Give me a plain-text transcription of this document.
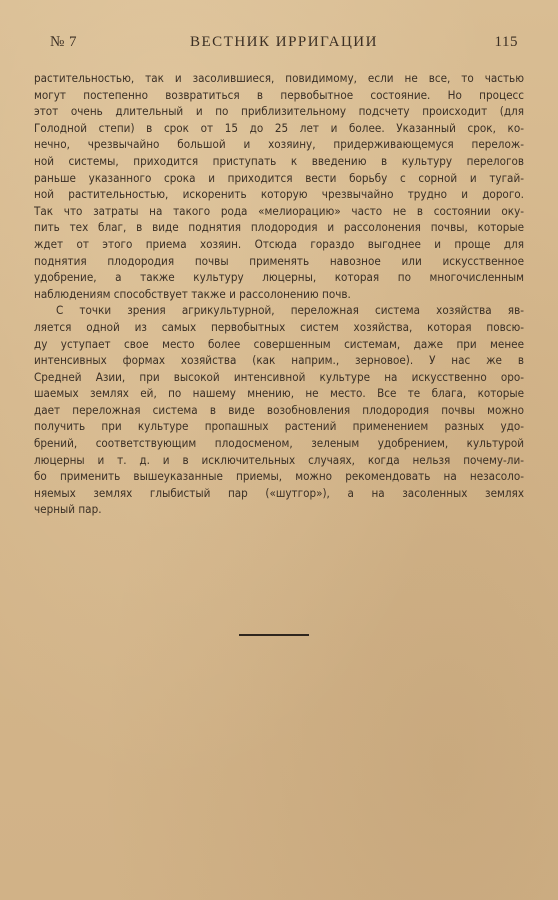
№ 7	ВЕСТНИК ИРРИГАЦИИ	115
растительностью, так и засолившиеся, повидимому, если не все, то частью
могут постепенно возвратиться в первобытное состояние. Но процесс
этот очень длительный и по приблизительному подсчету происходит (для
Голодной степи) в срок от 15 до 25 лет и более. Указанный срок, ко-
нечно, чрезвычайно большой и хозяину, придерживающемуся перелож-
ной системы, приходится приступать к введению в культуру перелогов
раньше указанного срока и приходится вести борьбу с сорной и тугай-
ной растительностью, искоренить которую чрезвычайно трудно и дорого.
Так что затраты на такого рода «мелиорацию» часто не в состоянии оку-
пить тех благ, в виде поднятия плодородия и рассолонения почвы, которые
ждет от этого приема хозяин. Отсюда гораздо выгоднее и проще для
поднятия плодородия почвы применять навозное или искусственное
удобрение, а также культуру люцерны, которая по многочисленным
наблюдениям способствует также и рассолонению почв.
С точки зрения агрикультурной, переложная система хозяйства яв-
ляется одной из самых первобытных систем хозяйства, которая повсю-
ду уступает свое место более совершенным системам, даже при менее
интенсивных формах хозяйства (как наприм., зерновое). У нас же в
Средней Азии, при высокой интенсивной культуре на искусственно оро-
шаемых землях ей, по нашему мнению, не место. Все те блага, которые
дает переложная система в виде возобновления плодородия почвы можно
получить при культуре пропашных растений применением разных удо-
брений, соответствующим плодосменом, зеленым удобрением, культурой
люцерны и т. д. и в исключительных случаях, когда нельзя почему-ли-
бо применить вышеуказанные приемы, можно рекомендовать на незасоло-
няемых землях глыбистый пар («шутгор»), а на засоленных землях
черный пар.
